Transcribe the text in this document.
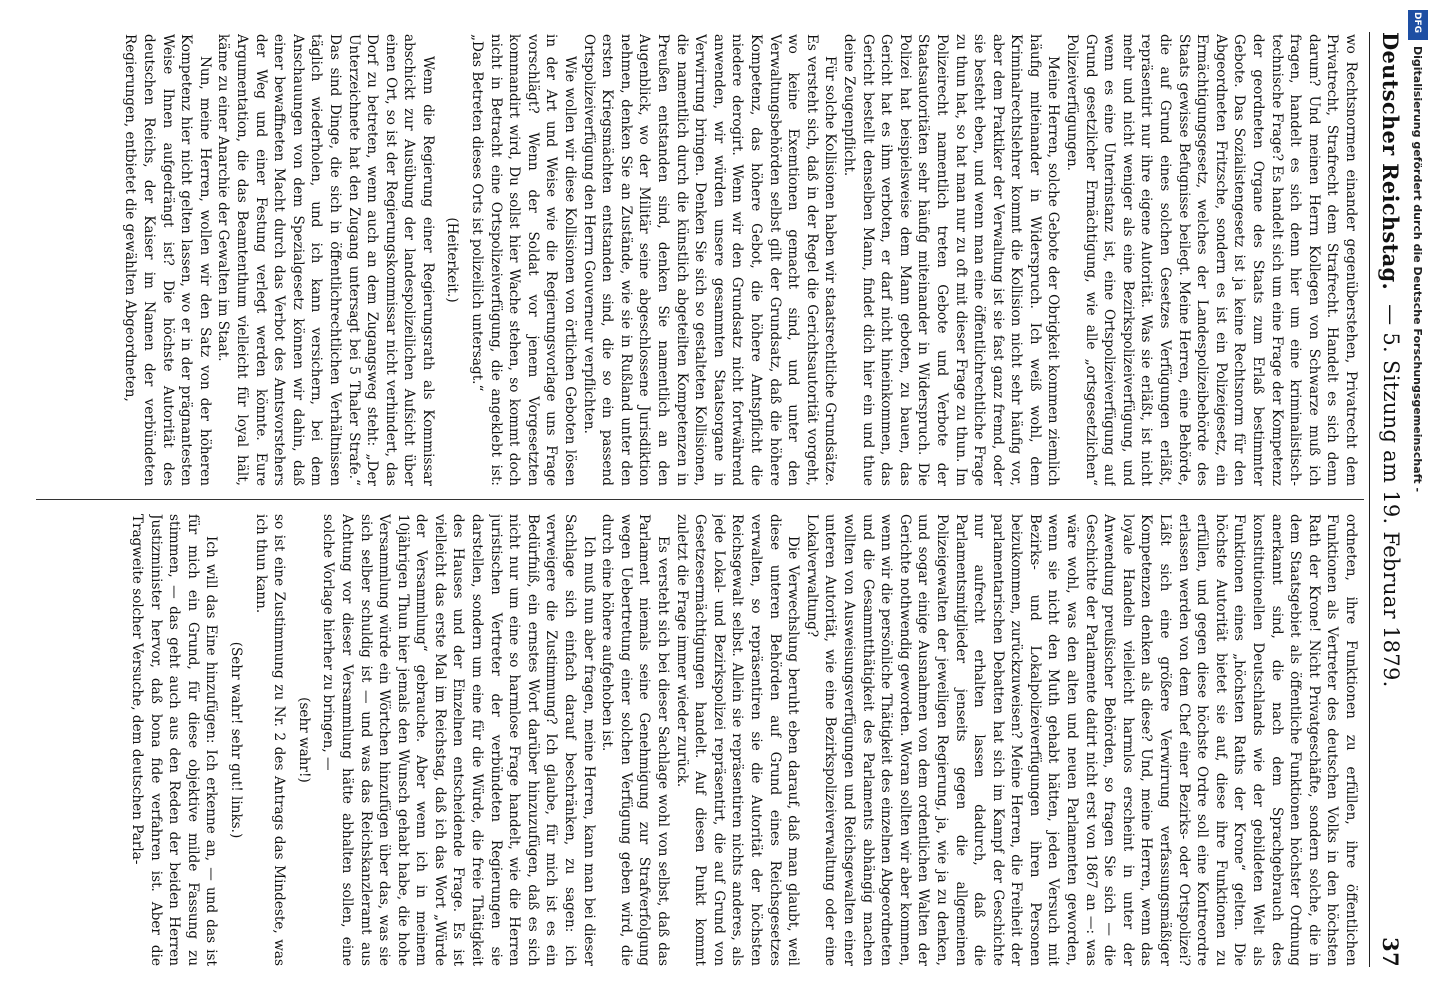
Deutscher Reichstag.
— 5. Sitzung am 19. Februar 1879.
37

wo Rechtsnormen einander gegenüberstehen, Privatrecht dem Privatrecht, Strafrecht dem Strafrecht. Handelt es sich denn darum? Und meinen Herrn Kollegen von Schwarze muß ich fragen, handelt es sich denn hier um eine kriminalistisch-technische Frage? Es handelt sich um eine Frage der Kompetenz der geordneten Organe des Staats zum Erlaß bestimmter Gebote. Das Sozialistengesetz ist ja keine Rechtsnorm für den Abgeordneten Fritzsche, sondern es ist ein Polizeigesetz, ein Ermächtigungsgesetz, welches der Landespolizeibehörde des Staats gewisse Befugnisse beilegt. Meine Herren, eine Behörde, die auf Grund eines solchen Gesetzes Verfügungen erläßt, repräsentirt nur ihre eigene Autorität. Was sie erläßt, ist nicht mehr und nicht weniger als eine Bezirkspolizeiverfügung, und wenn es eine Unterinstanz ist, eine Ortspolizeiverfügung auf Grund gesetzlicher Ermächtigung, wie alle „ortsgesetzlichen“ Polizeiverfügungen.

Meine Herren, solche Gebote der Obrigkeit kommen ziemlich häufig miteinander in Widerspruch. Ich weiß wohl, dem Kriminalrechtslehrer kommt die Kollision nicht sehr häufig vor, aber dem Praktiker der Verwaltung ist sie fast ganz fremd, oder sie besteht eben, und wenn man eine öffentlichrechtliche Frage zu thun hat, so hat man nur zu oft mit dieser Frage zu thun. Im Polizeirecht namentlich treten Gebote und Verbote der Staatsautoritäten sehr häufig miteinander in Widerspruch. Die Polizei hat beispielsweise dem Mann geboten, zu bauen, das Gericht hat es ihm verboten, er darf nicht hineinkommen, das Gericht bestellt denselben Mann, findet dich hier ein und thue deine Zeugenpflicht.

Für solche Kollisionen haben wir staatsrechtliche Grundsätze. Es versteht sich, daß in der Regel die Gerichtsautorität vorgeht, wo keine Exemtionen gemacht sind, und unter den Verwaltungsbehörden selbst gilt der Grundsatz, daß die höhere Kompetenz, das höhere Gebot, die höhere Amtspflicht die niedere derogirt. Wenn wir den Grundsatz nicht fortwährend anwenden, wir würden unsere gesammten Staatsorgane in Verwirrung bringen. Denken Sie sich so gestalteten Kollisionen, die namentlich durch die künstlich abgeteilten Kompetenzen in Preußen entstanden sind, denken Sie namentlich an den Augenblick, wo der Militär seine abgeschlossene Jurisdiktion nehmen, denken Sie an Zustände, wie sie in Rußland unter den ersten Kriegsmächten entstanden sind, die so ein passend Ortspolizeiverfügung den Herrn Gouverneur verpflichten.

Wie wollen wir diese Kollisionen von örtlichen Geboten lösen in der Art und Weise wie die Regierungsvorlage uns Frage vorschlägt? Wenn der Soldat vor jenem Vorgesetzten kommandirt wird, Du sollst hier Wache stehen, so kommt doch nicht in Betracht eine Ortspolizeiverfügung, die angeklebt ist: „Das Betreten dieses Orts ist polizeilich untersagt.“

(Heiterkeit.)

Wenn die Regierung einer Regierungsrath als Kommissar abschickt zur Ausübung der landespolizeilichen Aufsicht über einen Ort, so ist der Regierungskommissar nicht verhindert, das Dorf zu betreten, wenn auch an dem Zugangsweg steht: „Der Unterzeichnete hat den Zugang untersagt bei 5 Thaler Strafe.“ Das sind Dinge, die sich in öffentlichrechtlichen Verhältnissen täglich wiederholen, und ich kann versichern, bei dem Anschauungen von dem Spezialgesetz können wir dahin, daß einer bewaffneten Macht durch das Verbot des Amtsvorstehers der Weg und einer Festung verlegt werden könnte. Eure Argumentation, die das Beamtenthum vielleicht für loyal hält, käme zu einer Anarchie der Gewalten im Staat.

Nun, meine Herren, wollen wir den Satz von der höheren Kompetenz hier nicht gelten lassen, wo er in der prägnantesten Weise Ihnen aufgedrängt ist? Die höchste Autorität des deutschen Reichs, der Kaiser im Namen der verbündeten Regierungen, entbietet die gewählten Abgeordneten,

ordneten, ihre Funktionen zu erfüllen, ihre öffentlichen Funktionen als Vertreter des deutschen Volks in den höchsten Rath der Krone! Nicht Privatgeschäfte, sondern solche, die in dem Staatsgebiet als öffentliche Funktionen höchster Ordnung anerkannt sind, die nach dem Sprachgebrauch des konstitutionellen Deutschlands wie der gebildeten Welt als Funktionen eines „höchsten Raths der Krone“ gelten. Die höchste Autorität bietet sie auf, diese ihre Funktionen zu erfüllen, und gegen diese höchste Ordre soll eine Kontreordre erlassen werden von dem Chef einer Bezirks- oder Ortspolizei? Läßt sich eine größere Verwirrung verfassungsmäßiger Kompetenzen denken als diese? Und, meine Herren, wenn das loyale Handeln vielleicht harmlos erscheint in unter der Anwendung preußischer Behörden, so fragen Sie sich — die Geschichte der Parlamente datirt nicht erst von 1867 an —: was wäre wohl, was den alten und neuen Parlamenten geworden, wenn sie nicht den Muth gehabt hätten, jeden Versuch mit Bezirks- und Lokalpolizeiverfügungen ihren Personen beizukommen, zurückzuweisen? Meine Herren, die Freiheit der parlamentarischen Debatten hat sich im Kampf der Geschichte nur aufrecht erhalten lassen dadurch, daß die Parlamentsmitglieder jenseits gegen die allgemeinen Polizeigewalten der jeweiligen Regierung, ja, wie ja zu denken, und sogar einige Ausnahmen von dem ordentlichen Walten der Gerichte nothwendig geworden. Woran sollten wir aber kommen, wenn wir die persönliche Thätigkeit des einzelnen Abgeordneten und die Gesammtthätigkeit des Parlaments abhängig machen wollten von Ausweisungsverfügungen und Reichsgewalten einer unteren Autorität, wie eine Bezirkspolizeiverwaltung oder eine Lokalverwaltung?

Die Verwechslung beruht eben darauf, daß man glaubt, weil diese unteren Behörden auf Grund eines Reichsgesetzes verwalten, so repräsentiren sie die Autorität der höchsten Reichsgewalt selbst. Allein sie repräsentiren nichts anderes, als jede Lokal- und Bezirkspolizei repräsentirt, die auf Grund von Gesetzesermächtigungen handelt. Auf diesen Punkt kommt zuletzt die Frage immer wieder zurück.

Es versteht sich bei dieser Sachlage wohl von selbst, daß das Parlament niemals seine Genehmigung zur Strafverfolgung wegen Uebertretung einer solchen Verfügung geben wird, die durch eine höhere aufgehoben ist.

Ich muß nun aber fragen, meine Herren, kann man bei dieser Sachlage sich einfach darauf beschränken, zu sagen: ich verweigere die Zustimmung? Ich glaube, für mich ist es ein Bedürfniß, ein ernstes Wort darüber hinzuzufügen, daß es sich nicht nur um eine so harmlose Frage handelt, wie die Herren juristischen Vertreter der verbündeten Regierungen sie darstellen, sondern um eine für die Würde, die freie Thätigkeit des Hauses und der Einzelnen entscheidende Frage. Es ist vielleicht das erste Mal im Reichstag, daß ich das Wort „Würde der Versammlung“ gebrauche. Aber wenn ich in meinem 10jährigen Thun hier jemals den Wunsch gehabt habe, die hohe Versammlung würde ein Wörtchen hinzufügen über das, was sie sich selber schuldig ist — und was das Reichskanzleramt aus Achtung vor dieser Versammlung hätte abhalten sollen, eine solche Vorlage hierher zu bringen, —

(sehr wahr!)

so ist eine Zustimmung zu Nr. 2 des Antrags das Mindeste, was ich thun kann.

(Sehr wahr! sehr gut! links.)

Ich will das Eine hinzufügen: Ich erkenne an, — und das ist für mich ein Grund, für diese objektive milde Fassung zu stimmen, — das geht auch aus den Reden der beiden Herren Justizminister hervor, daß bona fide verfahren ist. Aber die Tragweite solcher Versuche, dem deutschen Parla-

DFG
Digitalisierung gefördert durch die Deutsche Forschungsgemeinschaft -
